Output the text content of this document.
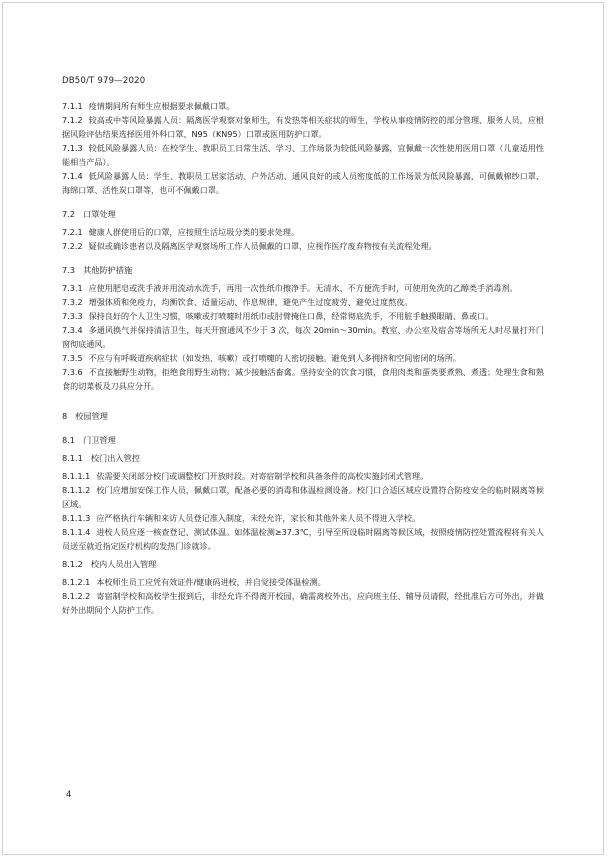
DB50/T 979—2020
7.1.1 疫情期间所有师生应根据要求佩戴口罩。
7.1.2 较高或中等风险暴露人员：隔离医学观察对象师生，有发热等相关症状的师生，学校从事疫情防控的部分管理、服务人员，应根据风险评估结果选择医用外科口罩、N95（KN95）口罩或医用防护口罩。
7.1.3 较低风险暴露人员：在校学生、教职员工日常生活、学习、工作场景为较低风险暴露，宜佩戴一次性使用医用口罩（儿童适用性能相当产品）。
7.1.4 低风险暴露人员：学生、教职员工居家活动、户外活动、通风良好的或人员密度低的工作场景为低风险暴露，可佩戴棉纱口罩、海绵口罩、活性炭口罩等，也可不佩戴口罩。
7.2 口罩处理
7.2.1 健康人群使用后的口罩，应按照生活垃圾分类的要求处理。
7.2.2 疑似或确诊患者以及隔离医学观察场所工作人员佩戴的口罩，应视作医疗废弃物按有关流程处理。
7.3 其他防护措施
7.3.1 应使用肥皂或洗手液并用流动水洗手，再用一次性纸巾擦净手。无清水、不方便洗手时，可使用免洗的乙醇类手消毒剂。
7.3.2 增强体质和免疫力，均衡饮食、适量运动、作息规律，避免产生过度疲劳、避免过度熬夜。
7.3.3 保持良好的个人卫生习惯，咳嗽或打喷嚏时用纸巾或肘臂掩住口鼻，经常彻底洗手，不用脏手触摸眼睛、鼻或口。
7.3.4 多通风换气并保持清洁卫生，每天开窗通风不少于 3 次，每次 20min～30min。教室、办公室及宿舍等场所无人时尽量打开门窗彻底通风。
7.3.5 不应与有呼吸道疾病症状（如发热、咳嗽）或打喷嚏的人密切接触。避免到人多拥挤和空间密闭的场所。
7.3.6 不直接触野生动物，拒绝食用野生动物；减少接触活畜禽。坚持安全的饮食习惯，食用肉类和蛋类要煮熟、煮透；处理生食和熟食的切菜板及刀具应分开。
8 校园管理
8.1 门卫管理
8.1.1 校门出入管控
8.1.1.1 依需要关闭部分校门或调整校门开放时段。对寄宿制学校和具备条件的高校实施封闭式管理。
8.1.1.2 校门应增加安保工作人员，佩戴口罩，配备必要的消毒和体温检测设备。校门口合适区域应设置符合防疫安全的临时隔离等候区域。
8.1.1.3 应严格执行车辆和来访人员登记准入制度，未经允许，家长和其他外来人员不得进入学校。
8.1.1.4 进校人员应逐一核查登记、测试体温。如体温检测≥37.3℃，引导至所设临时隔离等候区域，按照疫情防控处置流程将有关人员送至就近指定医疗机构的发热门诊就诊。
8.1.2 校内人员出入管理
8.1.2.1 本校师生员工应凭有效证件/健康码进校，并自觉接受体温检测。
8.1.2.2 寄宿制学校和高校学生报到后，非经允许不得离开校园，确需离校外出，应向班主任、辅导员请假，经批准后方可外出，并做好外出期间个人防护工作。
4
